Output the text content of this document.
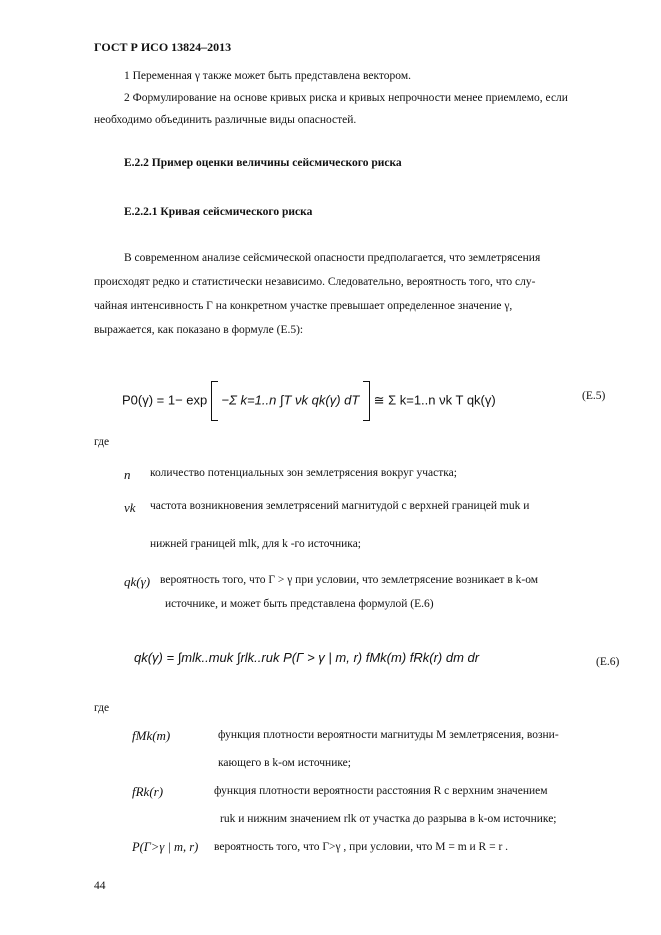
ГОСТ Р ИСО 13824–2013
1 Переменная γ также может быть представлена вектором.
2 Формулирование на основе кривых риска и кривых непрочности менее приемлемо, если
необходимо объединить различные виды опасностей.
Е.2.2 Пример оценки величины сейсмического риска
Е.2.2.1 Кривая сейсмического риска
В современном анализе сейсмической опасности предполагается, что землетрясения
происходят редко и статистически независимо. Следовательно, вероятность того, что слу-
чайная интенсивность Γ на конкретном участке превышает определенное значение γ,
выражается, как показано в формуле (Е.5):
P0(γ) = 1− exp −Σ k=1..n ∫T νk qk(γ) dT ≅ Σ k=1..n νk T qk(γ)	(Е.5)
где
n количество потенциальных зон землетрясения вокруг участка;
νk частота возникновения землетрясений магнитудой с верхней границей muk и
нижней границей mlk, для k -го источника;
qk(γ) вероятность того, что Γ > γ при условии, что землетрясение возникает в k-ом
источнике, и может быть представлена формулой (Е.6)
qk(γ) = ∫mlk..muk ∫rlk..ruk P(Γ > γ | m, r) fMk(m) fRk(r) dm dr	(Е.6)
где
fMk(m)	функция плотности вероятности магнитуды M землетрясения, возни-
кающего в k-ом источнике;
fRk(r)	функция плотности вероятности расстояния R с верхним значением
ruk и нижним значением rlk от участка до разрыва в k-ом источнике;
P(Γ>γ | m, r) вероятность того, что Γ>γ , при условии, что M = m и R = r .
44
